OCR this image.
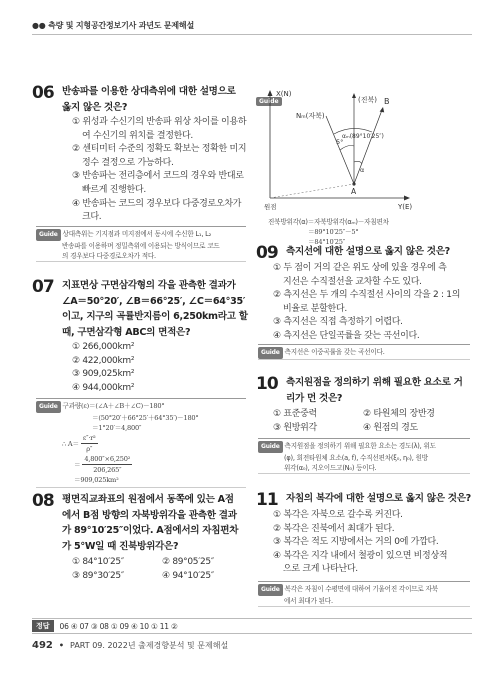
●● 측량 및 지형공간정보기사 과년도 문제해설
06 반송파를 이용한 상대측위에 대한 설명으로
옳지 않은 것은?
① 위성과 수신기의 반송파 위상 차이를 이용하
여 수신기의 위치를 결정한다.
② 센티미터 수준의 정확도 확보는 정확한 미지
정수 결정으로 가능하다.
③ 반송파는 전리층에서 코드의 경우와 반대로
빠르게 진행한다.
④ 반송파는 코드의 경우보다 다중경로오차가
크다.
Guide 상대측위는 기지점과 미지점에서 동시에 수신한 L₁, L₂
반송파를 이용하며 정밀측위에 이용되는 방식이므로 코드
의 경우보다 다중경로오차가 적다.
07 지표면상 구면삼각형의 각을 관측한 결과가
∠A＝50°20′, ∠B＝66°25′, ∠C＝64°35′
이고, 지구의 곡률반지름이 6,250km라고 할
때, 구면삼각형 ABC의 면적은?
① 266,000km²
② 422,000km²
③ 909,025km²
④ 944,000km²
Guide 구과량(ε)＝(∠A＋∠B＋∠C)－180°
＝(50°20′＋66°25′＋64°35′)－180°
＝1°20′＝4,800″
∴ A＝
ε″·r²
ρ″
＝
4,800″×6,250²
206,265″
＝909,025km²
08 평면직교좌표의 원점에서 동쪽에 있는 A점
에서 B점 방향의 자북방위각을 관측한 결과
가 89°10′25″이었다. A점에서의 자침편차
가 5°W일 때 진북방위각은?
① 84°10′25″	② 89°05′25″
③ 89°30′25″	④ 94°10′25″
Guide
X(N)
Y(E)
(진북)
Nₘ(자북)
B
A
5°
αₘ(89°10′25″)
α
원점
진북방위각(α)＝자북방위각(αₘ)－자침편차
＝89°10′25″－5°
＝84°10′25″
09 측지선에 대한 설명으로 옳지 않은 것은?
① 두 점이 거의 같은 위도 상에 있을 경우에 측
지선은 수직절선을 교차할 수도 있다.
② 측지선은 두 개의 수직절선 사이의 각을 2 : 1의
비율로 분할한다.
③ 측지선은 직접 측정하기 어렵다.
④ 측지선은 단일곡률을 갖는 곡선이다.
Guide 측지선은 이중곡률을 갖는 곡선이다.
10 측지원점을 정의하기 위해 필요한 요소로 거
리가 먼 것은?
① 표준중력	② 타원체의 장반경
③ 원방위각	④ 원점의 경도
Guide 측지원점을 정의하기 위해 필요한 요소는 경도(λ), 위도
(φ), 회전타원체 요소(a, f), 수직선편차(ξ₀, η₀), 원방
위각(α₀), 지오이드고(N₀) 등이다.
11 자침의 복각에 대한 설명으로 옳지 않은 것은?
① 복각은 자북으로 갈수록 커진다.
② 복각은 진북에서 최대가 된다.
③ 복각은 적도 지방에서는 거의 0에 가깝다.
④ 복각은 지각 내에서 철광이 있으면 비정상적
으로 크게 나타난다.
Guide 복각은 자침이 수평면에 대하여 기울어진 각이므로 자북
에서 최대가 된다.
정답	06 ④ 07 ③ 08 ① 09 ④ 10 ① 11 ②
492 • PART 09. 2022년 출제경향분석 및 문제해설
